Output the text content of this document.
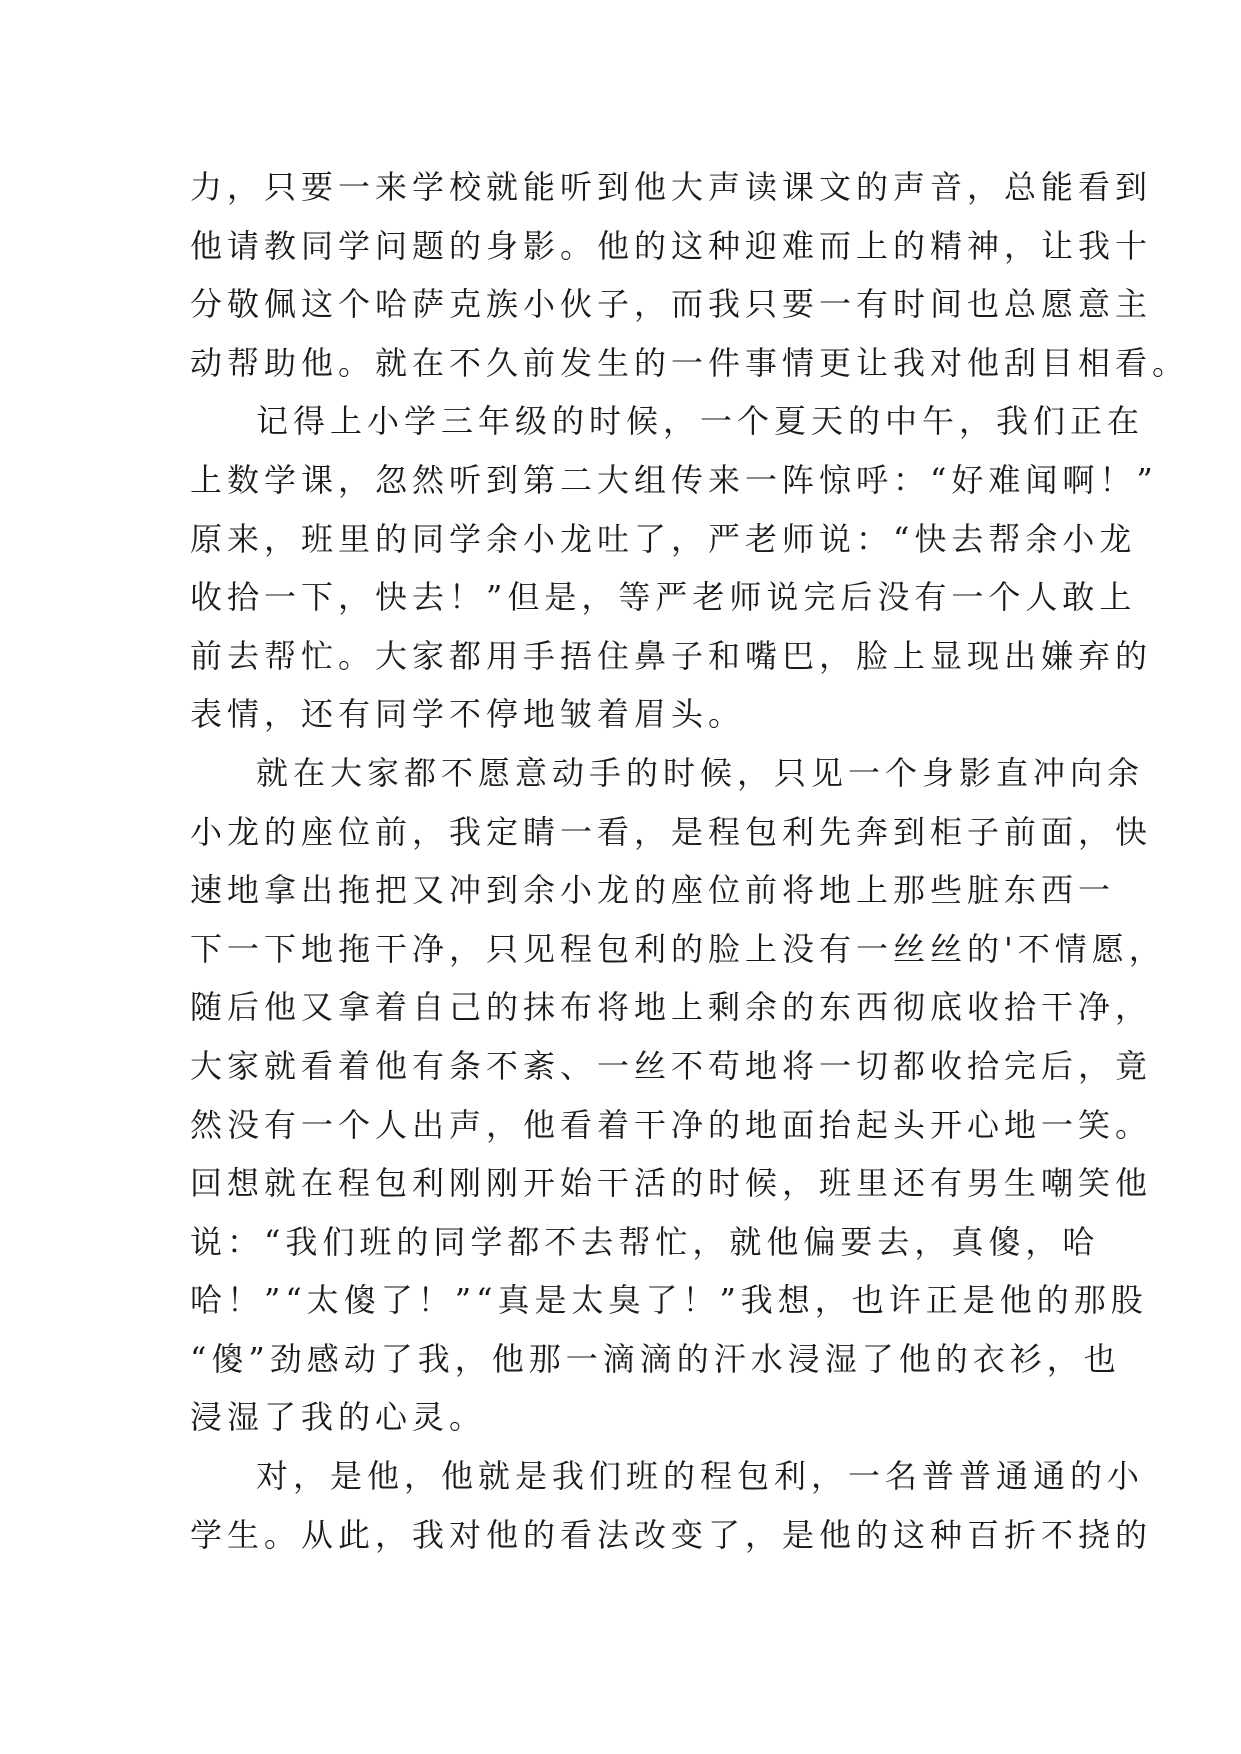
力，只要一来学校就能听到他大声读课文的声音，总能看到
他请教同学问题的身影。他的这种迎难而上的精神，让我十
分敬佩这个哈萨克族小伙子，而我只要一有时间也总愿意主
动帮助他。就在不久前发生的一件事情更让我对他刮目相看。
记得上小学三年级的时候，一个夏天的中午，我们正在
上数学课，忽然听到第二大组传来一阵惊呼：“好难闻啊！”
原来，班里的同学余小龙吐了，严老师说：“快去帮余小龙
收拾一下，快去！”但是，等严老师说完后没有一个人敢上
前去帮忙。大家都用手捂住鼻子和嘴巴，脸上显现出嫌弃的
表情，还有同学不停地皱着眉头。
就在大家都不愿意动手的时候，只见一个身影直冲向余
小龙的座位前，我定睛一看，是程包利先奔到柜子前面，快
速地拿出拖把又冲到余小龙的座位前将地上那些脏东西一
下一下地拖干净，只见程包利的脸上没有一丝丝的'不情愿，
随后他又拿着自己的抹布将地上剩余的东西彻底收拾干净，
大家就看着他有条不紊、一丝不苟地将一切都收拾完后，竟
然没有一个人出声，他看着干净的地面抬起头开心地一笑。
回想就在程包利刚刚开始干活的时候，班里还有男生嘲笑他
说：“我们班的同学都不去帮忙，就他偏要去，真傻，哈
哈！”“太傻了！”“真是太臭了！”我想，也许正是他的那股
“傻”劲感动了我，他那一滴滴的汗水浸湿了他的衣衫，也
浸湿了我的心灵。
对，是他，他就是我们班的程包利，一名普普通通的小
学生。从此，我对他的看法改变了，是他的这种百折不挠的
